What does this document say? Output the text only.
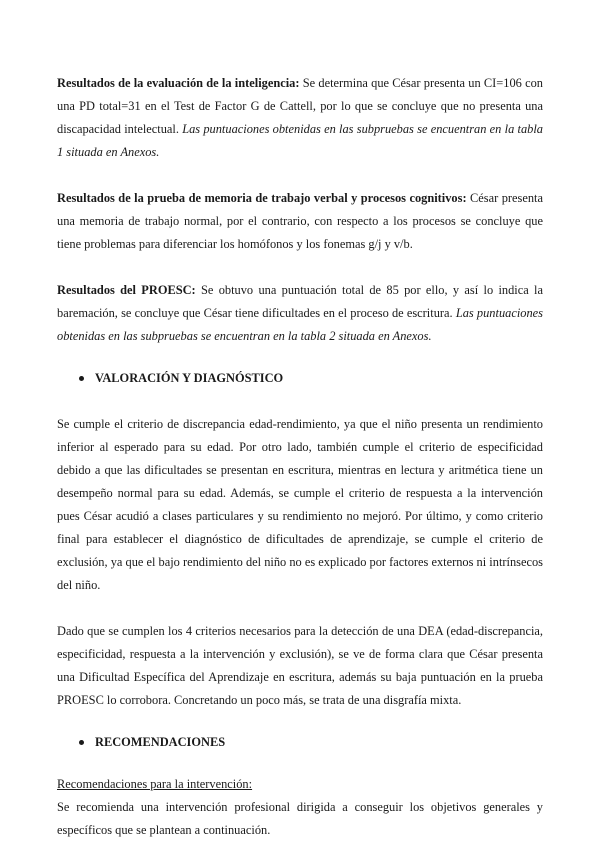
Resultados de la evaluación de la inteligencia: Se determina que César presenta un CI=106 con una PD total=31 en el Test de Factor G de Cattell, por lo que se concluye que no presenta una discapacidad intelectual. Las puntuaciones obtenidas en las subpruebas se encuentran en la tabla 1 situada en Anexos.

Resultados de la prueba de memoria de trabajo verbal y procesos cognitivos: César presenta una memoria de trabajo normal, por el contrario, con respecto a los procesos se concluye que tiene problemas para diferenciar los homófonos y los fonemas g/j y v/b.

Resultados del PROESC: Se obtuvo una puntuación total de 85 por ello, y así lo indica la baremación, se concluye que César tiene dificultades en el proceso de escritura. Las puntuaciones obtenidas en las subpruebas se encuentran en la tabla 2 situada en Anexos.

VALORACIÓN Y DIAGNÓSTICO

Se cumple el criterio de discrepancia edad-rendimiento, ya que el niño presenta un rendimiento inferior al esperado para su edad. Por otro lado, también cumple el criterio de especificidad debido a que las dificultades se presentan en escritura, mientras en lectura y aritmética tiene un desempeño normal para su edad. Además, se cumple el criterio de respuesta a la intervención pues César acudió a clases particulares y su rendimiento no mejoró. Por último, y como criterio final para establecer el diagnóstico de dificultades de aprendizaje, se cumple el criterio de exclusión, ya que el bajo rendimiento del niño no es explicado por factores externos ni intrínsecos del niño.

Dado que se cumplen los 4 criterios necesarios para la detección de una DEA (edad-discrepancia, especificidad, respuesta a la intervención y exclusión), se ve de forma clara que César presenta una Dificultad Específica del Aprendizaje en escritura, además su baja puntuación en la prueba PROESC lo corrobora. Concretando un poco más, se trata de una disgrafía mixta.

RECOMENDACIONES

Recomendaciones para la intervención:

Se recomienda una intervención profesional dirigida a conseguir los objetivos generales y específicos que se plantean a continuación.
